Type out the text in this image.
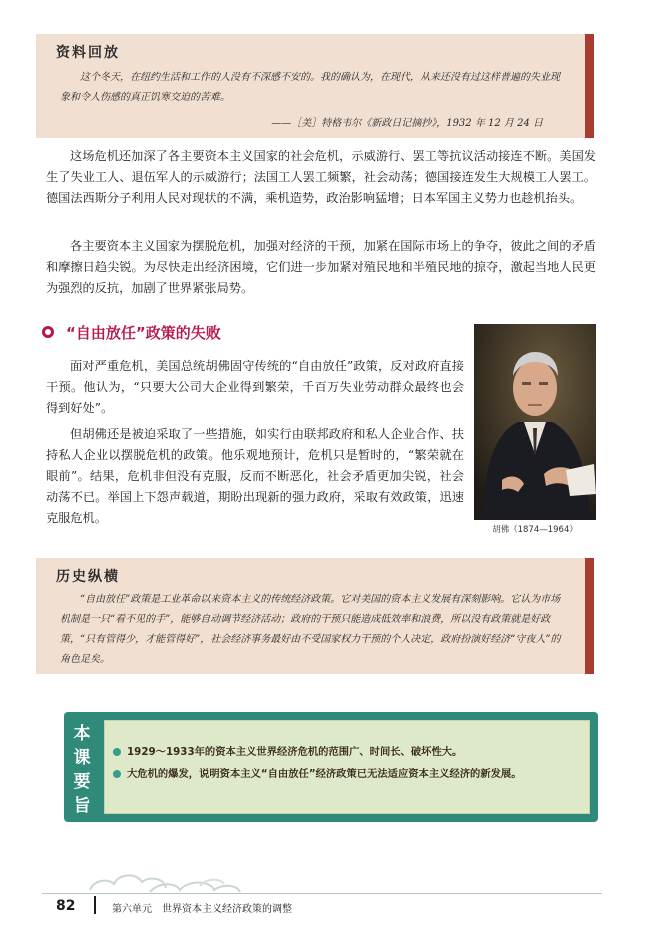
资料回放

这个冬天，在纽约生活和工作的人没有不深感不安的。我的确认为，在现代，从来还没有过这样普遍的失业现象和令人伤感的真正饥寒交迫的苦难。

——［美］特格韦尔《新政日记摘抄》，1932 年 12 月 24 日

这场危机还加深了各主要资本主义国家的社会危机，示威游行、罢工等抗议活动接连不断。美国发生了失业工人、退伍军人的示威游行；法国工人罢工频繁，社会动荡；德国接连发生大规模工人罢工。德国法西斯分子利用人民对现状的不满，乘机造势，政治影响猛增；日本军国主义势力也趁机抬头。

各主要资本主义国家为摆脱危机，加强对经济的干预，加紧在国际市场上的争夺，彼此之间的矛盾和摩擦日趋尖锐。为尽快走出经济困境，它们进一步加紧对殖民地和半殖民地的掠夺，激起当地人民更为强烈的反抗，加剧了世界紧张局势。

“自由放任”政策的失败

面对严重危机，美国总统胡佛固守传统的“自由放任”政策，反对政府直接干预。他认为，“只要大公司大企业得到繁荣，千百万失业劳动群众最终也会得到好处”。

但胡佛还是被迫采取了一些措施，如实行由联邦政府和私人企业合作、扶持私人企业以摆脱危机的政策。他乐观地预计，危机只是暂时的，“繁荣就在眼前”。结果，危机非但没有克服，反而不断恶化，社会矛盾更加尖锐，社会动荡不已。举国上下怨声载道，期盼出现新的强力政府，采取有效政策，迅速克服危机。

胡佛（1874—1964）
历史纵横

“自由放任”政策是工业革命以来资本主义的传统经济政策。它对美国的资本主义发展有深刻影响。它认为市场机制是一只“看不见的手”，能够自动调节经济活动；政府的干预只能造成低效率和浪费，所以没有政策就是好政策，“只有管得少，才能管得好”，社会经济事务最好由不受国家权力干预的个人决定，政府扮演好经济“守夜人”的角色足矣。

本
课
要
旨

1929～1933年的资本主义世界经济危机的范围广、时间长、破坏性大。

大危机的爆发，说明资本主义“自由放任”经济政策已无法适应资本主义经济的新发展。

82	第六单元　世界资本主义经济政策的调整
